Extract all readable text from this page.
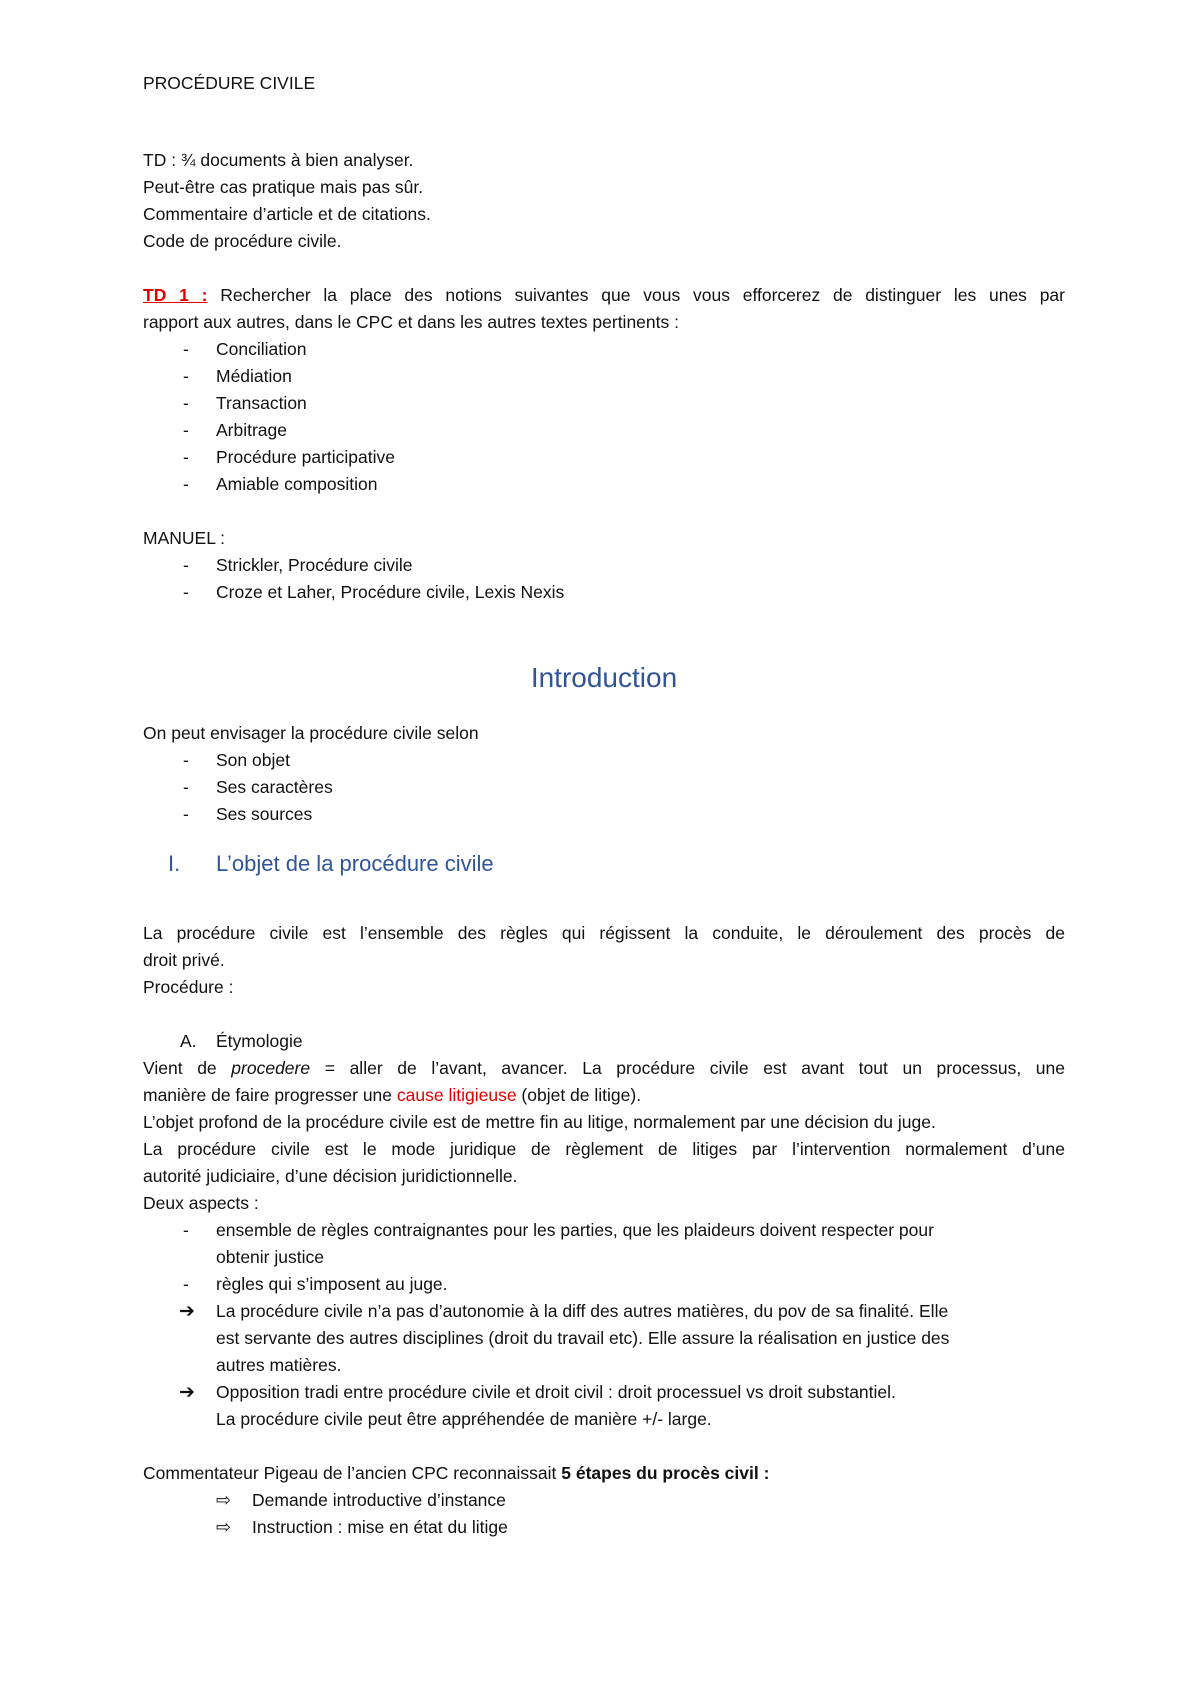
PROCÉDURE CIVILE
TD : ¾ documents à bien analyser.
Peut-être cas pratique mais pas sûr.
Commentaire d’article et de citations.
Code de procédure civile.
TD 1 : Rechercher la place des notions suivantes que vous vous efforcerez de distinguer les unes par
rapport aux autres, dans le CPC et dans les autres textes pertinents :
- Conciliation
- Médiation
- Transaction
- Arbitrage
- Procédure participative
- Amiable composition
MANUEL :
- Strickler, Procédure civile
- Croze et Laher, Procédure civile, Lexis Nexis
Introduction
On peut envisager la procédure civile selon
- Son objet
- Ses caractères
- Ses sources
I. L’objet de la procédure civile
La procédure civile est l’ensemble des règles qui régissent la conduite, le déroulement des procès de
droit privé.
Procédure :
A. Étymologie
Vient de procedere = aller de l’avant, avancer. La procédure civile est avant tout un processus, une
manière de faire progresser une cause litigieuse (objet de litige).
L’objet profond de la procédure civile est de mettre fin au litige, normalement par une décision du juge.
La procédure civile est le mode juridique de règlement de litiges par l’intervention normalement d’une
autorité judiciaire, d’une décision juridictionnelle.
Deux aspects :
- ensemble de règles contraignantes pour les parties, que les plaideurs doivent respecter pour
obtenir justice
- règles qui s’imposent au juge.
➔ La procédure civile n’a pas d’autonomie à la diff des autres matières, du pov de sa finalité. Elle
est servante des autres disciplines (droit du travail etc). Elle assure la réalisation en justice des
autres matières.
➔ Opposition tradi entre procédure civile et droit civil : droit processuel vs droit substantiel.
La procédure civile peut être appréhendée de manière +/- large.
Commentateur Pigeau de l’ancien CPC reconnaissait 5 étapes du procès civil :
⇨ Demande introductive d’instance
⇨ Instruction : mise en état du litige
